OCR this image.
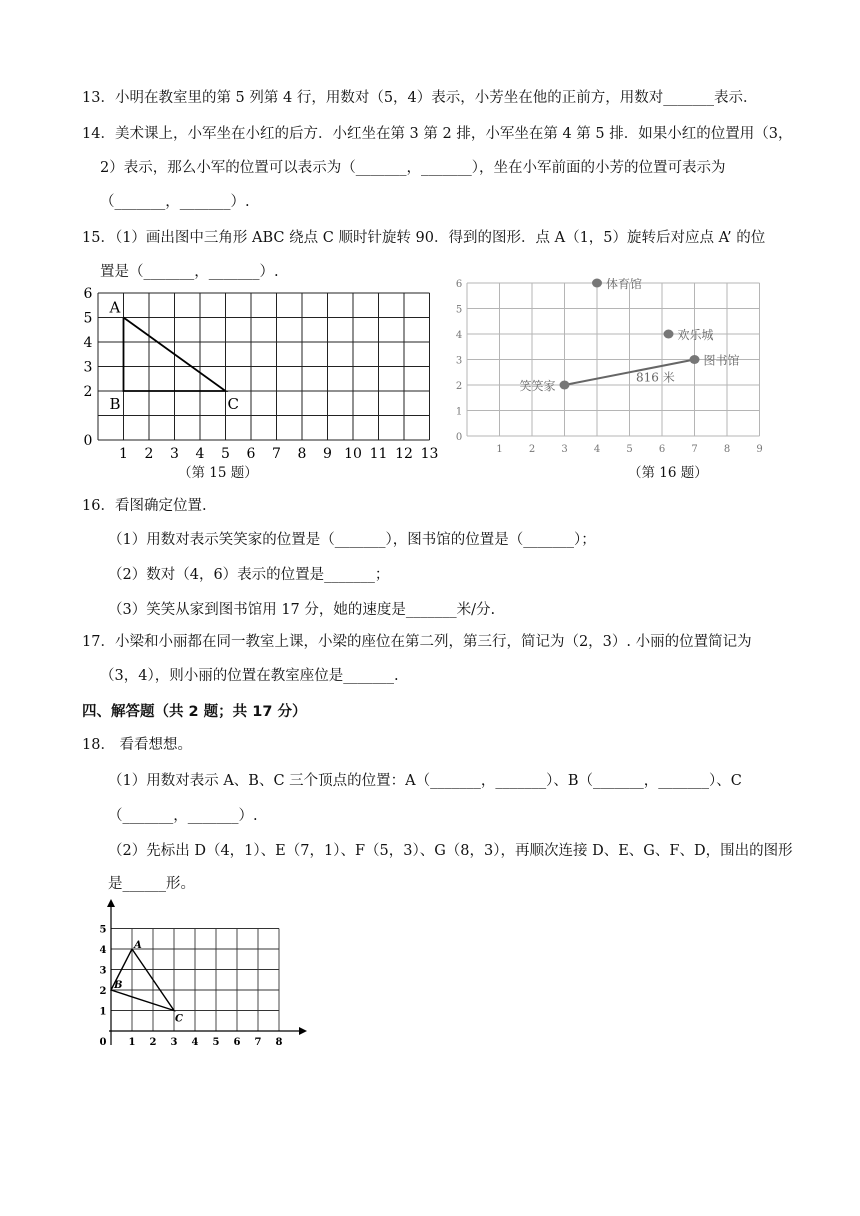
13．小明在教室里的第 5 列第 4 行，用数对（5，4）表示，小芳坐在他的正前方，用数对_______表示．
14．美术课上，小军坐在小红的后方．小红坐在第 3 第 2 排，小军坐在第 4 第 5 排．如果小红的位置用（3，
2）表示，那么小军的位置可以表示为（_______，_______），坐在小军前面的小芳的位置可表示为
（_______，_______）.
15．（1）画出图中三角形 ABC 绕点 C 顺时针旋转 90．得到的图形．点 A（1，5）旋转后对应点 A’ 的位
置是（_______，_______）.
1 2 3 4 5 6 7 8 9 10 11 12 13
0
2
3
4
5
6
A
B	C
（第 15 题）
1	2	3	4	5	6	7	8	9
0
1
2
3
4
5
6	体育馆
欢乐城
图书馆
笑笑家
816 米
（第 16 题）
16．看图确定位置.
（1）用数对表示笑笑家的位置是（_______），图书馆的位置是（_______）；
（2）数对（4，6）表示的位置是_______；
（3）笑笑从家到图书馆用 17 分，她的速度是_______米/分.
17．小梁和小丽都在同一教室上课，小梁的座位在第二列，第三行，简记为（2，3）. 小丽的位置简记为
（3，4），则小丽的位置在教室座位是_______.
四、解答题（共 2 题；共 17 分）
18． 看看想想。
（1）用数对表示 A、B、C 三个顶点的位置：A（_______，_______）、B（_______，_______）、C
（_______，_______）.
（2）先标出 D（4，1）、E（7，1）、F（5，3）、G（8，3），再顺次连接 D、E、G、F、D，围出的图形
是______形。
0 1 2 3 4 5 6 7 8
1
2
3
4
5
A
B
C
